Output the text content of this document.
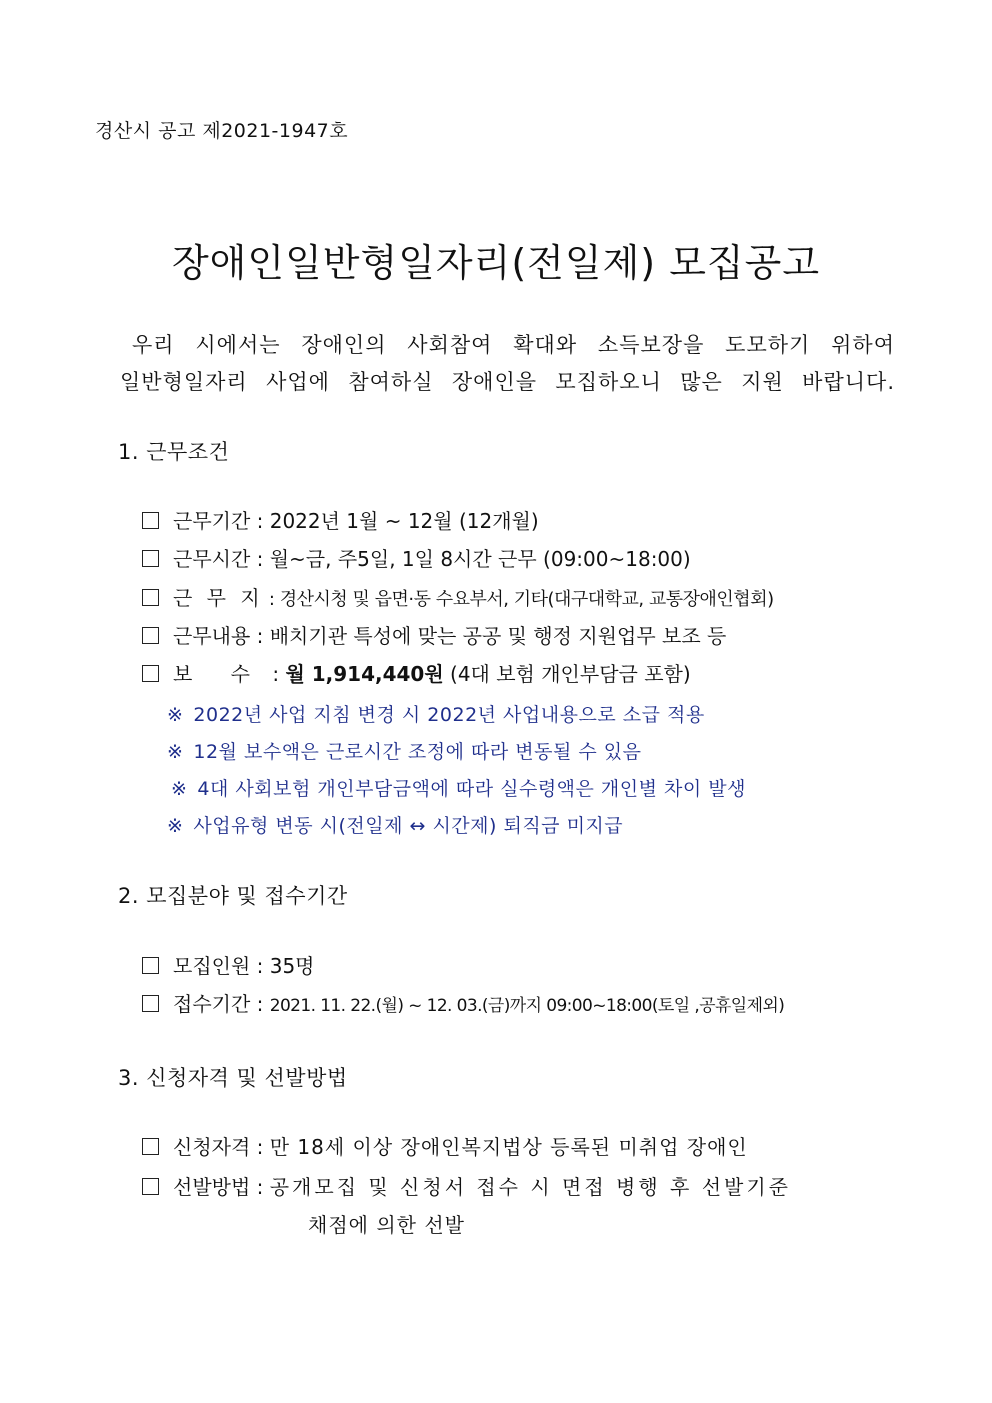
경산시 공고 제2021-1947호
장애인일반형일자리(전일제) 모집공고
우리 시에서는 장애인의 사회참여 확대와 소득보장을 도모하기 위하여
일반형일자리 사업에 참여하실 장애인을 모집하오니 많은 지원 바랍니다.
1. 근무조건
근무기간 : 2022년 1월 ~ 12월 (12개월)
근무시간 : 월~금, 주5일, 1일 8시간 근무 (09:00~18:00)
근 무 지 : 경산시청 및 읍면·동 수요부서, 기타(대구대학교, 교통장애인협회)
근무내용 : 배치기관 특성에 맞는 공공 및 행정 지원업무 보조 등
보 수 : 월 1,914,440원 (4대 보험 개인부담금 포함)
※ 2022년 사업 지침 변경 시 2022년 사업내용으로 소급 적용
※ 12월 보수액은 근로시간 조정에 따라 변동될 수 있음
※ 4대 사회보험 개인부담금액에 따라 실수령액은 개인별 차이 발생
※ 사업유형 변동 시(전일제 ↔ 시간제) 퇴직금 미지급
2. 모집분야 및 접수기간
모집인원 : 35명
접수기간 : 2021. 11. 22.(월) ~ 12. 03.(금)까지 09:00~18:00(토일 ,공휴일제외)
3. 신청자격 및 선발방법
신청자격 : 만 18세 이상 장애인복지법상 등록된 미취업 장애인
선발방법 : 공개모집 및 신청서 접수 시 면접 병행 후 선발기준
채점에 의한 선발
